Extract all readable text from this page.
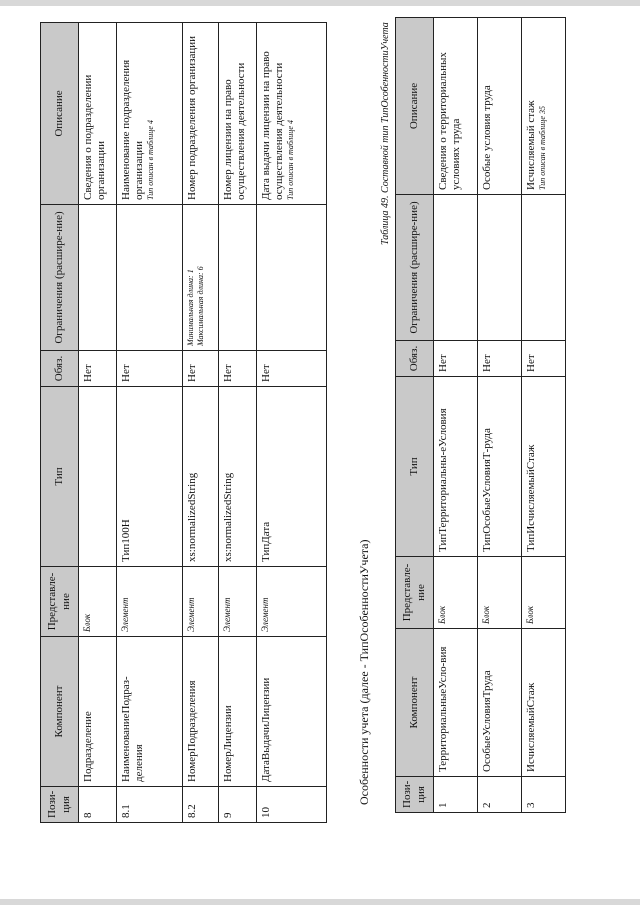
Пози-ция	Компонент	Представле-ние	Тип	Обяз.	Ограничения (расшире-ние)	Описание
8	Подразделение	Блок		Нет		Сведения о подразделении организации
8.1	НаименованиеПодраз-деления	Элемент	Тип100Н	Нет		Наименование подразделения организации Тип описан в таблице 4

8.2	НомерПодразделения	Элемент	xs:normalizedString	Нет	Минимальная длина: 1 Максимальная длина: 6	Номер подразделения организации
9	НомерЛицензии	Элемент	xs:normalizedString	Нет		Номер лицензии на право осуществления деятельности
10	ДатаВыдачиЛицензии	Элемент	ТипДата	Нет		Дата выдачи лицензии на право осуществления деятельности Тип описан в таблице 4
Особенности учета (далее - ТипОсобенностиУчета)
Таблица 49. Составной тип ТипОсобенностиУчета
Пози-ция	Компонент	Представле-ние	Тип	Обяз.	Ограничения (расшире-ние)	Описание
1	ТерриториальныеУсло-вия	Блок	ТипТерриториальны-еУсловия	Нет		Сведения о территориальных условиях труда
2	ОсобыеУсловияТруда	Блок	ТипОсобыеУсловияТ-руда	Нет		Особые условия труда
3	ИсчисляемыйСтаж	Блок	ТипИсчисляемыйСтаж	Нет		Исчисляемый стаж Тип описан в таблице 35
